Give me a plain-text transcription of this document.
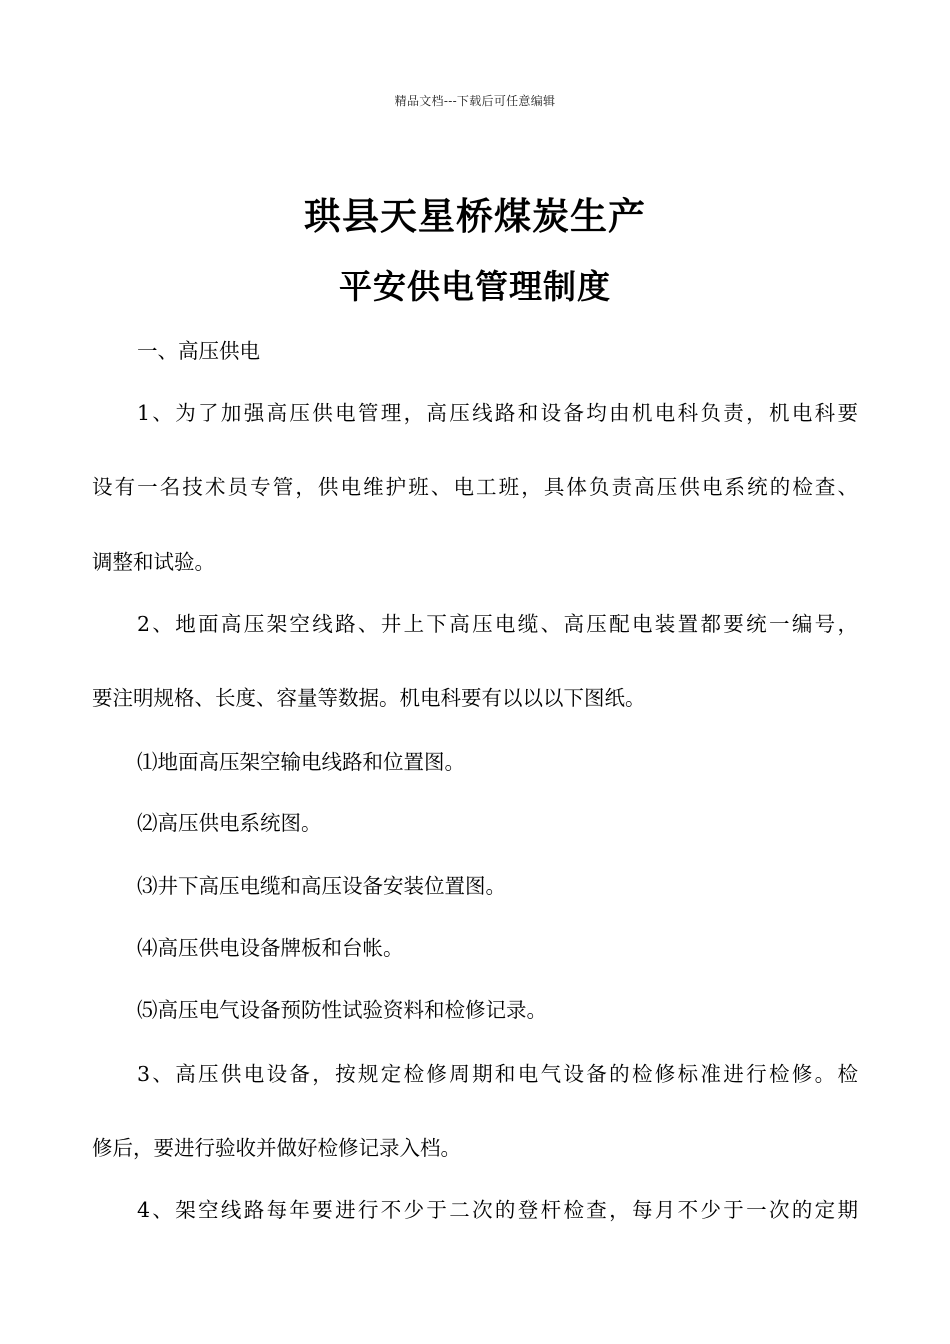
精品文档---下载后可任意编辑
珙县天星桥煤炭生产
平安供电管理制度
一、高压供电
1、为了加强高压供电管理，高压线路和设备均由机电科负责，机电科要
设有一名技术员专管，供电维护班、电工班，具体负责高压供电系统的检查、
调整和试验。
2、地面高压架空线路、井上下高压电缆、高压配电装置都要统一编号，
要注明规格、长度、容量等数据。机电科要有以以以下图纸。
⑴地面高压架空输电线路和位置图。
⑵高压供电系统图。
⑶井下高压电缆和高压设备安装位置图。
⑷高压供电设备牌板和台帐。
⑸高压电气设备预防性试验资料和检修记录。
3、高压供电设备，按规定检修周期和电气设备的检修标准进行检修。检
修后，要进行验收并做好检修记录入档。
4、架空线路每年要进行不少于二次的登杆检查，每月不少于一次的定期
